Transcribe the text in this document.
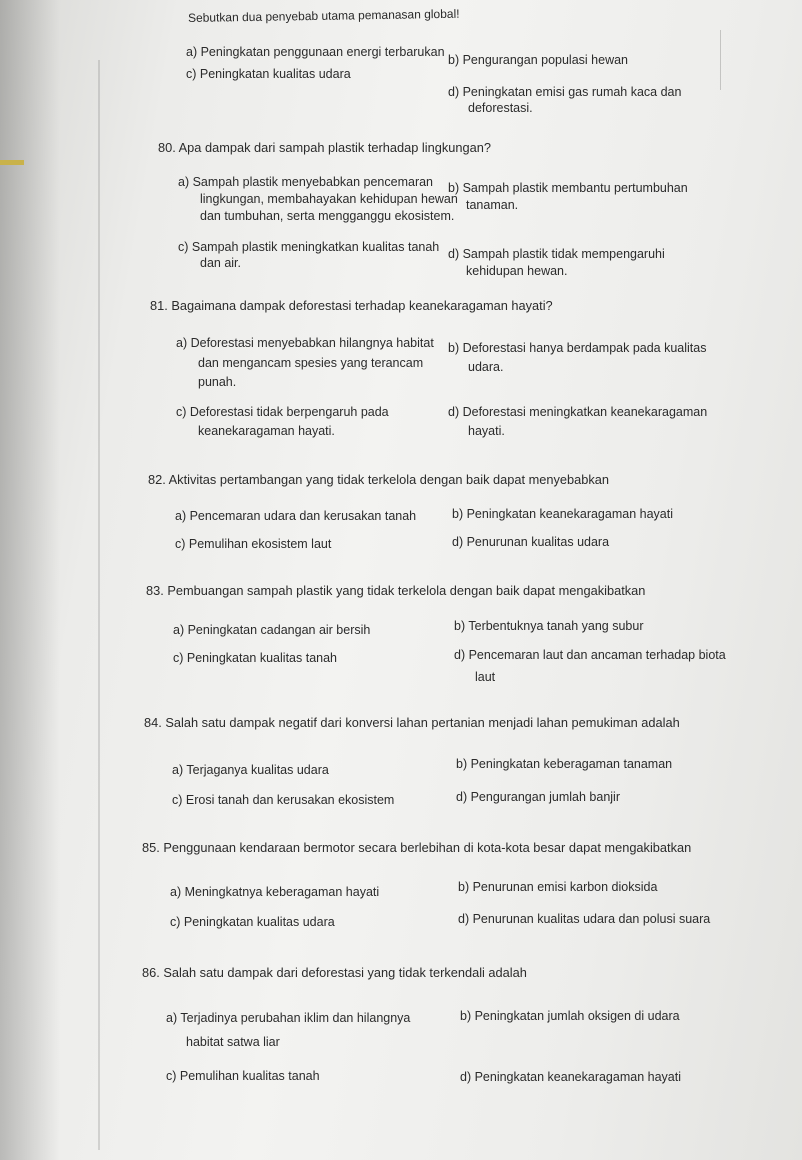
Sebutkan dua penyebab utama pemanasan global!
a) Peningkatan penggunaan energi terbarukan
b) Pengurangan populasi hewan
c) Peningkatan kualitas udara
d) Peningkatan emisi gas rumah kaca dan
deforestasi.
80. Apa dampak dari sampah plastik terhadap lingkungan?
a) Sampah plastik menyebabkan pencemaran
lingkungan, membahayakan kehidupan hewan
dan tumbuhan, serta mengganggu ekosistem.
b) Sampah plastik membantu pertumbuhan
tanaman.
c) Sampah plastik meningkatkan kualitas tanah
dan air.
d) Sampah plastik tidak mempengaruhi
kehidupan hewan.
81. Bagaimana dampak deforestasi terhadap keanekaragaman hayati?
a) Deforestasi menyebabkan hilangnya habitat
dan mengancam spesies yang terancam
punah.
b) Deforestasi hanya berdampak pada kualitas
udara.
c) Deforestasi tidak berpengaruh pada
keanekaragaman hayati.
d) Deforestasi meningkatkan keanekaragaman
hayati.
82. Aktivitas pertambangan yang tidak terkelola dengan baik dapat menyebabkan
a) Pencemaran udara dan kerusakan tanah	b) Peningkatan keanekaragaman hayati
c) Pemulihan ekosistem laut	d) Penurunan kualitas udara
83. Pembuangan sampah plastik yang tidak terkelola dengan baik dapat mengakibatkan
a) Peningkatan cadangan air bersih	b) Terbentuknya tanah yang subur
c) Peningkatan kualitas tanah	d) Pencemaran laut dan ancaman terhadap biota
laut
84. Salah satu dampak negatif dari konversi lahan pertanian menjadi lahan pemukiman adalah
a) Terjaganya kualitas udara	b) Peningkatan keberagaman tanaman
c) Erosi tanah dan kerusakan ekosistem	d) Pengurangan jumlah banjir
85. Penggunaan kendaraan bermotor secara berlebihan di kota-kota besar dapat mengakibatkan
a) Meningkatnya keberagaman hayati	b) Penurunan emisi karbon dioksida
c) Peningkatan kualitas udara	d) Penurunan kualitas udara dan polusi suara
86. Salah satu dampak dari deforestasi yang tidak terkendali adalah
a) Terjadinya perubahan iklim dan hilangnya
habitat satwa liar
b) Peningkatan jumlah oksigen di udara
c) Pemulihan kualitas tanah	d) Peningkatan keanekaragaman hayati
